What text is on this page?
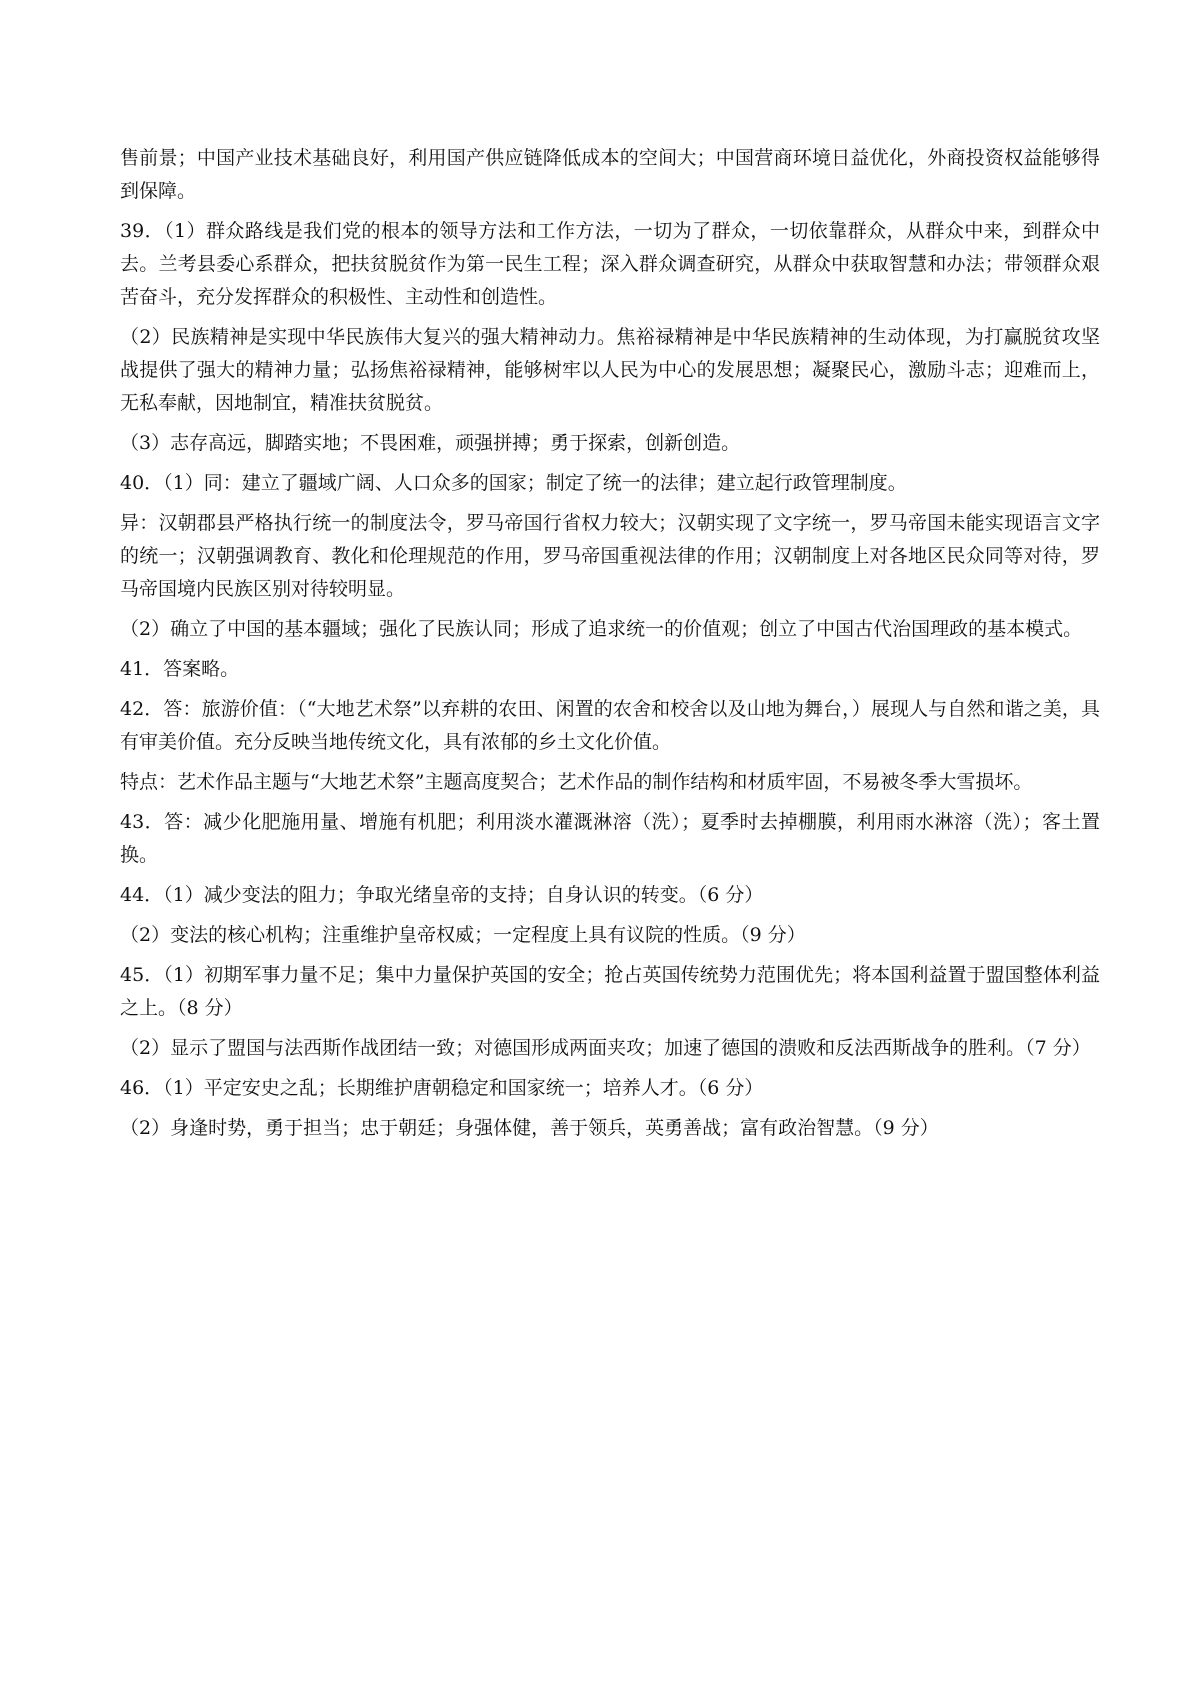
售前景；中国产业技术基础良好，利用国产供应链降低成本的空间大；中国营商环境日益优化，外商投资权益能够得到保障。

39．（1）群众路线是我们党的根本的领导方法和工作方法，一切为了群众，一切依靠群众，从群众中来，到群众中去。兰考县委心系群众，把扶贫脱贫作为第一民生工程；深入群众调查研究，从群众中获取智慧和办法；带领群众艰苦奋斗，充分发挥群众的积极性、主动性和创造性。

（2）民族精神是实现中华民族伟大复兴的强大精神动力。焦裕禄精神是中华民族精神的生动体现，为打赢脱贫攻坚战提供了强大的精神力量；弘扬焦裕禄精神，能够树牢以人民为中心的发展思想；凝聚民心，激励斗志；迎难而上，无私奉献，因地制宜，精准扶贫脱贫。

（3）志存高远，脚踏实地；不畏困难，顽强拼搏；勇于探索，创新创造。

40．（1）同：建立了疆域广阔、人口众多的国家；制定了统一的法律；建立起行政管理制度。

异：汉朝郡县严格执行统一的制度法令，罗马帝国行省权力较大；汉朝实现了文字统一，罗马帝国未能实现语言文字的统一；汉朝强调教育、教化和伦理规范的作用，罗马帝国重视法律的作用；汉朝制度上对各地区民众同等对待，罗马帝国境内民族区别对待较明显。

（2）确立了中国的基本疆域；强化了民族认同；形成了追求统一的价值观；创立了中国古代治国理政的基本模式。

41．答案略。

42．答：旅游价值：（“大地艺术祭”以弃耕的农田、闲置的农舍和校舍以及山地为舞台，）展现人与自然和谐之美，具有审美价值。充分反映当地传统文化，具有浓郁的乡土文化价值。

特点：艺术作品主题与“大地艺术祭”主题高度契合；艺术作品的制作结构和材质牢固，不易被冬季大雪损坏。

43．答：减少化肥施用量、增施有机肥；利用淡水灌溉淋溶（洗）；夏季时去掉棚膜，利用雨水淋溶（洗）；客土置换。

44．（1）减少变法的阻力；争取光绪皇帝的支持；自身认识的转变。（6 分）

（2）变法的核心机构；注重维护皇帝权威；一定程度上具有议院的性质。（9 分）

45．（1）初期军事力量不足；集中力量保护英国的安全；抢占英国传统势力范围优先；将本国利益置于盟国整体利益之上。（8 分）

（2）显示了盟国与法西斯作战团结一致；对德国形成两面夹攻；加速了德国的溃败和反法西斯战争的胜利。（7 分）

46．（1）平定安史之乱；长期维护唐朝稳定和国家统一；培养人才。（6 分）

（2）身逢时势，勇于担当；忠于朝廷；身强体健，善于领兵，英勇善战；富有政治智慧。（9 分）
